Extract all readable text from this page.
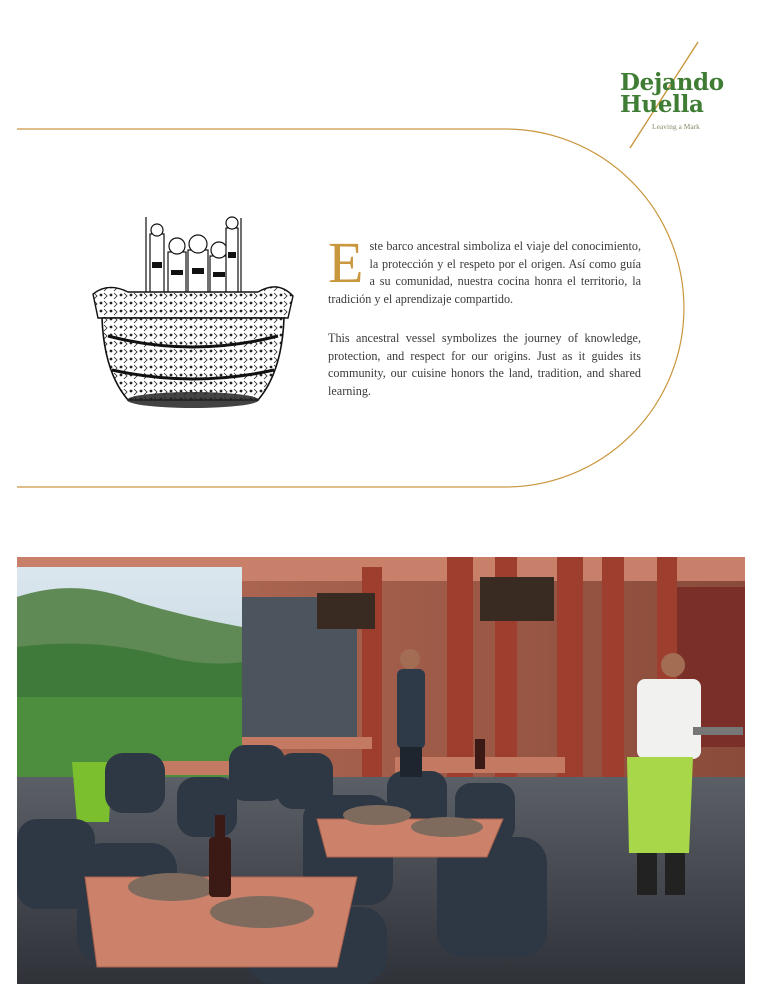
Dejando
Huella
Leaving a Mark

E ste barco ancestral simboliza el viaje del conocimiento, la protección y el respeto por el origen. Así como guía a su comunidad, nuestra cocina honra el territorio, la tradición y el aprendizaje compartido.

This ancestral vessel symbolizes the journey of knowledge, protection, and respect for our origins. Just as it guides its community, our cuisine honors the land, tradition, and shared learning.
